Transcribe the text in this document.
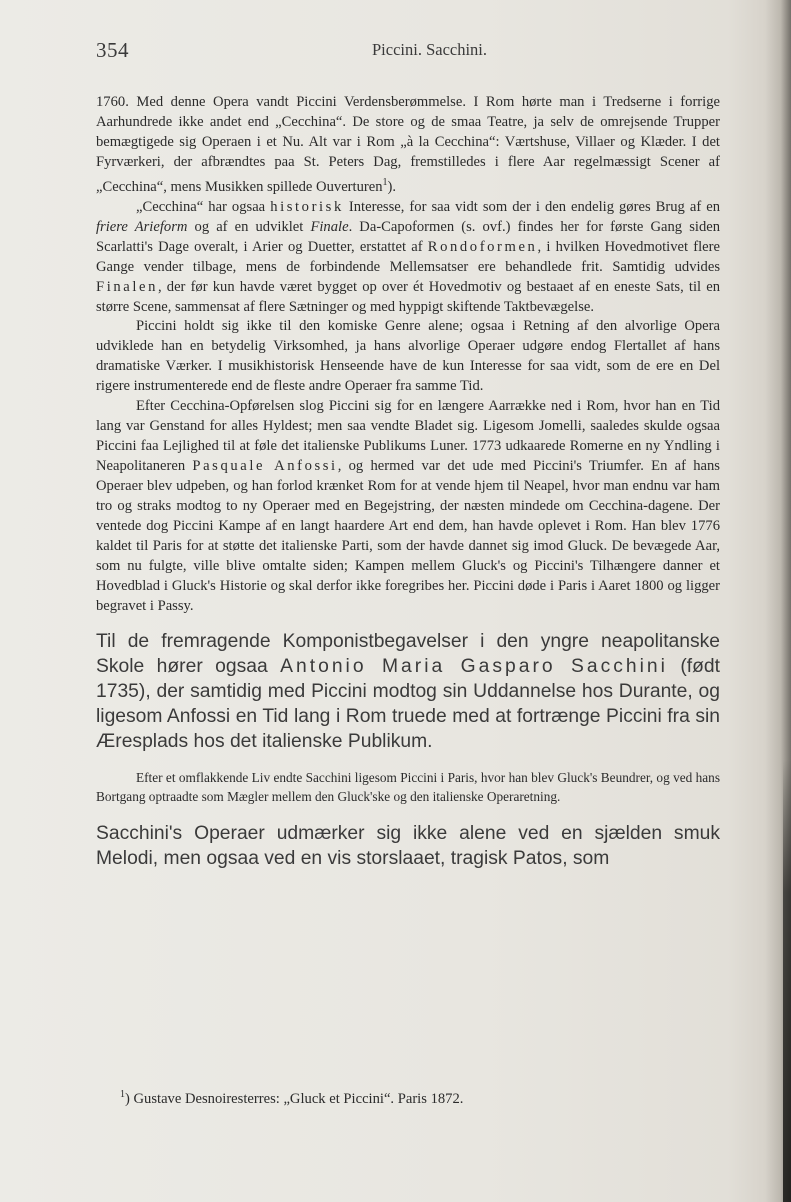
354	Piccini. Sacchini.

1760. Med denne Opera vandt Piccini Verdensberømmelse. I Rom hørte man i Tredserne i forrige Aarhundrede ikke andet end „Cecchina“. De store og de smaa Teatre, ja selv de omrejsende Trupper bemægtigede sig Operaen i et Nu. Alt var i Rom „à la Cecchina“: Værtshuse, Villaer og Klæder. I det Fyrværkeri, der afbrændtes paa St. Peters Dag, fremstilledes i flere Aar regelmæssigt Scener af „Cecchina“, mens Musikken spillede Ouverturen$^1$).

„Cecchina“ har ogsaa historisk Interesse, for saa vidt som der i den endelig gøres Brug af en friere Arieform og af en udviklet Finale. Da-Capoformen (s. ovf.) findes her for første Gang siden Scarlatti's Dage overalt, i Arier og Duetter, erstattet af Rondoformen, i hvilken Hovedmotivet flere Gange vender tilbage, mens de forbindende Mellemsatser ere behandlede frit. Samtidig udvides Finalen, der før kun havde været bygget op over ét Hovedmotiv og bestaaet af en eneste Sats, til en større Scene, sammensat af flere Sætninger og med hyppigt skiftende Taktbevægelse.

Piccini holdt sig ikke til den komiske Genre alene; ogsaa i Retning af den alvorlige Opera udviklede han en betydelig Virksomhed, ja hans alvorlige Operaer udgøre endog Flertallet af hans dramatiske Værker. I musikhistorisk Henseende have de kun Interesse for saa vidt, som de ere en Del rigere instrumenterede end de fleste andre Operaer fra samme Tid.

Efter Cecchina-Opførelsen slog Piccini sig for en længere Aarrække ned i Rom, hvor han en Tid lang var Genstand for alles Hyldest; men saa vendte Bladet sig. Ligesom Jomelli, saaledes skulde ogsaa Piccini faa Lejlighed til at føle det italienske Publikums Luner. 1773 udkaarede Romerne en ny Yndling i Neapolitaneren Pasquale Anfossi, og hermed var det ude med Piccini's Triumfer. En af hans Operaer blev udpeben, og han forlod krænket Rom for at vende hjem til Neapel, hvor man endnu var ham tro og straks modtog to ny Operaer med en Begejstring, der næsten mindede om Cecchina-dagene. Der ventede dog Piccini Kampe af en langt haardere Art end dem, han havde oplevet i Rom. Han blev 1776 kaldet til Paris for at støtte det italienske Parti, som der havde dannet sig imod Gluck. De bevægede Aar, som nu fulgte, ville blive omtalte siden; Kampen mellem Gluck's og Piccini's Tilhængere danner et Hovedblad i Gluck's Historie og skal derfor ikke foregribes her. Piccini døde i Paris i Aaret 1800 og ligger begravet i Passy.

Til de fremragende Komponistbegavelser i den yngre neapolitanske Skole hører ogsaa Antonio Maria Gasparo Sacchini (født 1735), der samtidig med Piccini modtog sin Uddannelse hos Durante, og ligesom Anfossi en Tid lang i Rom truede med at fortrænge Piccini fra sin Æresplads hos det italienske Publikum.

Efter et omflakkende Liv endte Sacchini ligesom Piccini i Paris, hvor han blev Gluck's Beundrer, og ved hans Bortgang optraadte som Mægler mellem den Gluck'ske og den italienske Operaretning.

Sacchini's Operaer udmærker sig ikke alene ved en sjælden smuk Melodi, men ogsaa ved en vis storslaaet, tragisk Patos, som

$^1$) Gustave Desnoiresterres: „Gluck et Piccini“. Paris 1872.
